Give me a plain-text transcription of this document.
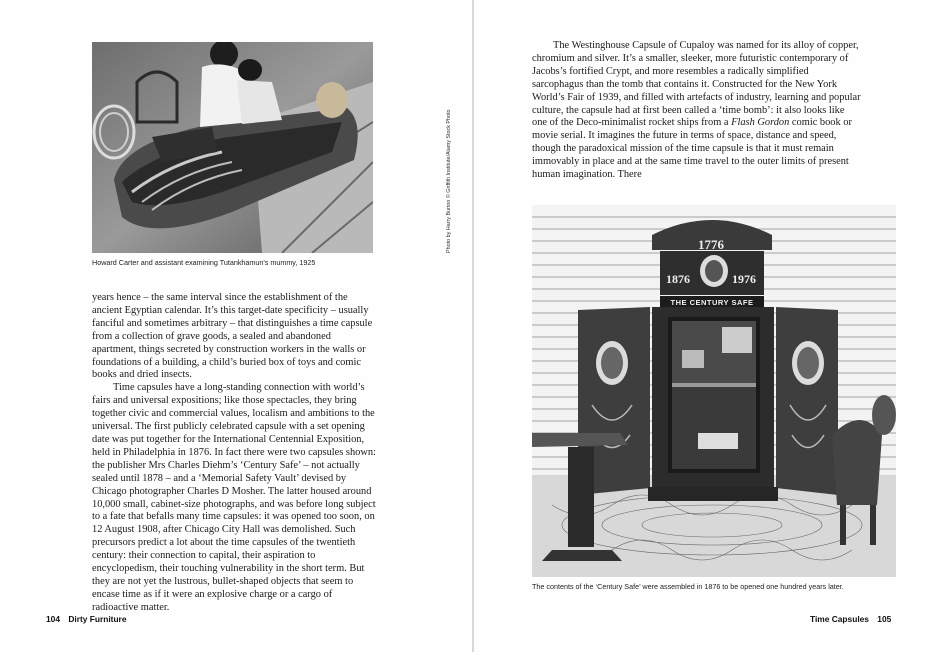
Howard Carter and assistant examining Tutankhamun's mummy, 1925
Photo by Harry Burton © Griffith Institute/Alamy Stock Photo

years hence – the same interval since the establishment of the ancient Egyptian calendar. It’s this target-date specificity – usually fanciful and sometimes arbitrary – that distinguishes a time capsule from a collection of grave goods, a sealed and abandoned apartment, things secreted by construction workers in the walls or foundations of a building, a child’s buried box of toys and comic books and dried insects.

Time capsules have a long-standing connection with world’s fairs and universal expositions; like those spectacles, they bring together civic and commercial values, localism and ambitions to the universal. The first publicly celebrated capsule with a set opening date was put together for the International Centennial Exposition, held in Philadelphia in 1876. In fact there were two capsules shown: the publisher Mrs Charles Diehm’s ‘Century Safe’ – not actually sealed until 1878 – and a ‘Memorial Safety Vault’ devised by Chicago photographer Charles D Mosher. The latter housed around 10,000 small, cabinet-size photographs, and was before long subject to a fate that befalls many time capsules: it was opened too soon, on 12 August 1908, after Chicago City Hall was demolished. Such precursors predict a lot about the time capsules of the twentieth century: their connection to capital, their aspiration to encyclopedism, their touching vulnerability in the short term. But they are not yet the lustrous, bullet-shaped objects that seem to encase time as if it were an explosive charge or a cargo of radioactive matter.

104 Dirty Furniture

The Westinghouse Capsule of Cupaloy was named for its alloy of copper, chromium and silver. It’s a smaller, sleeker, more futuristic contemporary of Jacobs’s fortified Crypt, and more resembles a radically simplified sarcophagus than the tomb that contains it. Constructed for the New York World’s Fair of 1939, and filled with artefacts of industry, learning and popular culture, the capsule had at first been called a ‘time bomb’: it also looks like one of the Deco-minimalist rocket ships from a Flash Gordon comic book or movie serial. It imagines the future in terms of space, distance and speed, though the paradoxical mission of the time capsule is that it must remain immovably in place and at the same time travel to the outer limits of present human imagination. There

1876
1776
1976
THE CENTURY SAFE
The contents of the ‘Century Safe’ were assembled in 1876 to be opened one hundred years later.
Time Capsules 105
